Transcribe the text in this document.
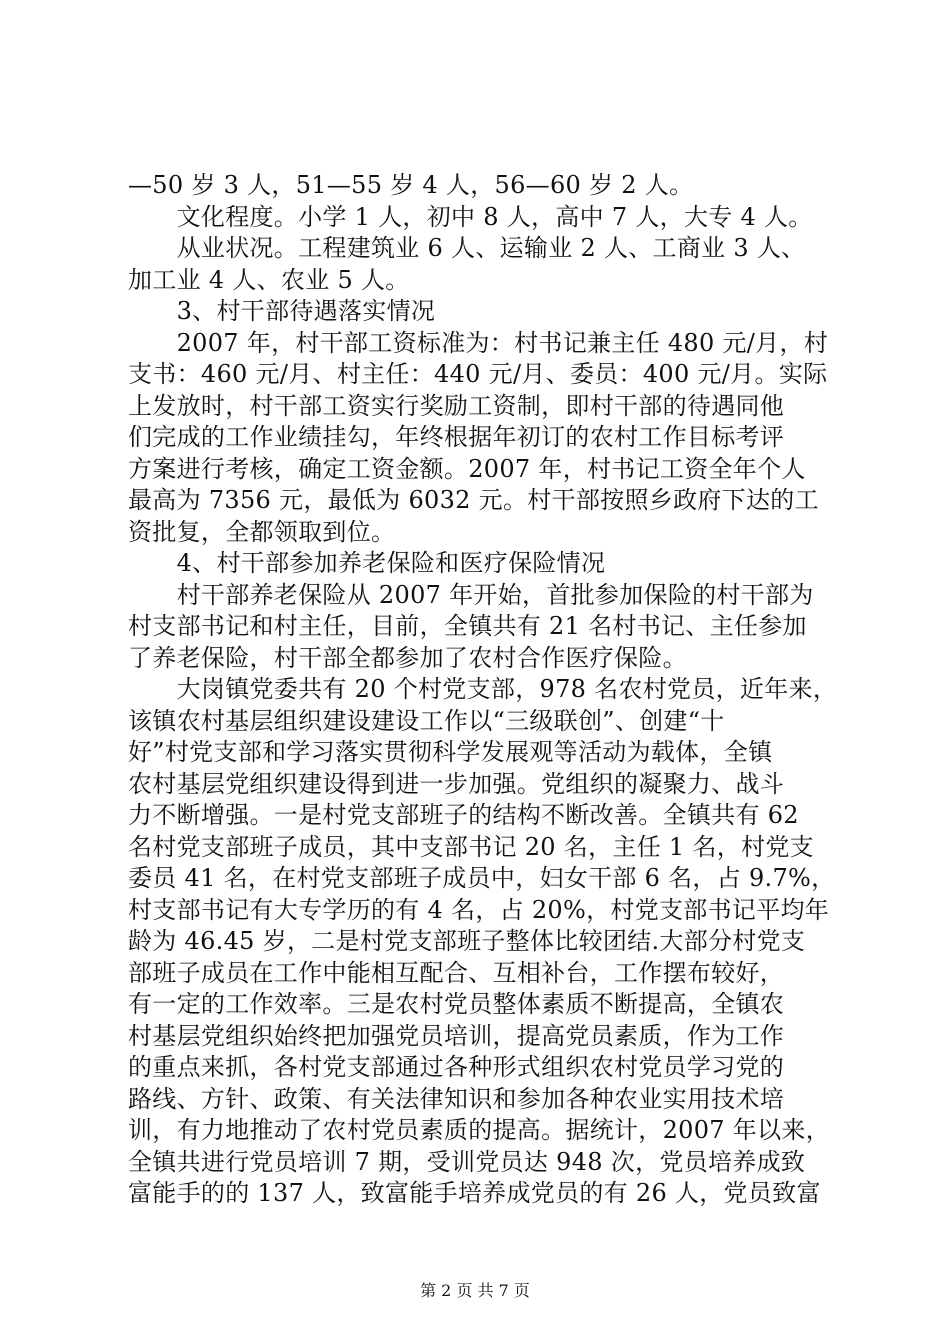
—50 岁 3 人，51—55 岁 4 人，56—60 岁 2 人。

　　文化程度。小学 1 人，初中 8 人，高中 7 人，大专 4 人。

　　从业状况。工程建筑业 6 人、运输业 2 人、工商业 3 人、

加工业 4 人、农业 5 人。

　　3、村干部待遇落实情况

　　2007 年，村干部工资标准为：村书记兼主任 480 元/月，村

支书：460 元/月、村主任：440 元/月、委员：400 元/月。实际

上发放时，村干部工资实行奖励工资制，即村干部的待遇同他

们完成的工作业绩挂勾，年终根据年初订的农村工作目标考评

方案进行考核，确定工资金额。2007 年，村书记工资全年个人

最高为 7356 元，最低为 6032 元。村干部按照乡政府下达的工

资批复，全都领取到位。

　　4、村干部参加养老保险和医疗保险情况

　　村干部养老保险从 2007 年开始，首批参加保险的村干部为

村支部书记和村主任，目前，全镇共有 21 名村书记、主任参加

了养老保险，村干部全都参加了农村合作医疗保险。

　　大岗镇党委共有 20 个村党支部，978 名农村党员，近年来，

该镇农村基层组织建设建设工作以“三级联创”、创建“十

好”村党支部和学习落实贯彻科学发展观等活动为载体，全镇

农村基层党组织建设得到进一步加强。党组织的凝聚力、战斗

力不断增强。一是村党支部班子的结构不断改善。全镇共有 62

名村党支部班子成员，其中支部书记 20 名，主任 1 名，村党支

委员 41 名，在村党支部班子成员中，妇女干部 6 名，占 9.7%，

村支部书记有大专学历的有 4 名，占 20%，村党支部书记平均年

龄为 46.45 岁，二是村党支部班子整体比较团结.大部分村党支

部班子成员在工作中能相互配合、互相补台，工作摆布较好，

有一定的工作效率。三是农村党员整体素质不断提高，全镇农

村基层党组织始终把加强党员培训，提高党员素质，作为工作

的重点来抓，各村党支部通过各种形式组织农村党员学习党的

路线、方针、政策、有关法律知识和参加各种农业实用技术培

训，有力地推动了农村党员素质的提高。据统计，2007 年以来，

全镇共进行党员培训 7 期，受训党员达 948 次，党员培养成致

富能手的的 137 人，致富能手培养成党员的有 26 人，党员致富

第 2 页 共 7 页
